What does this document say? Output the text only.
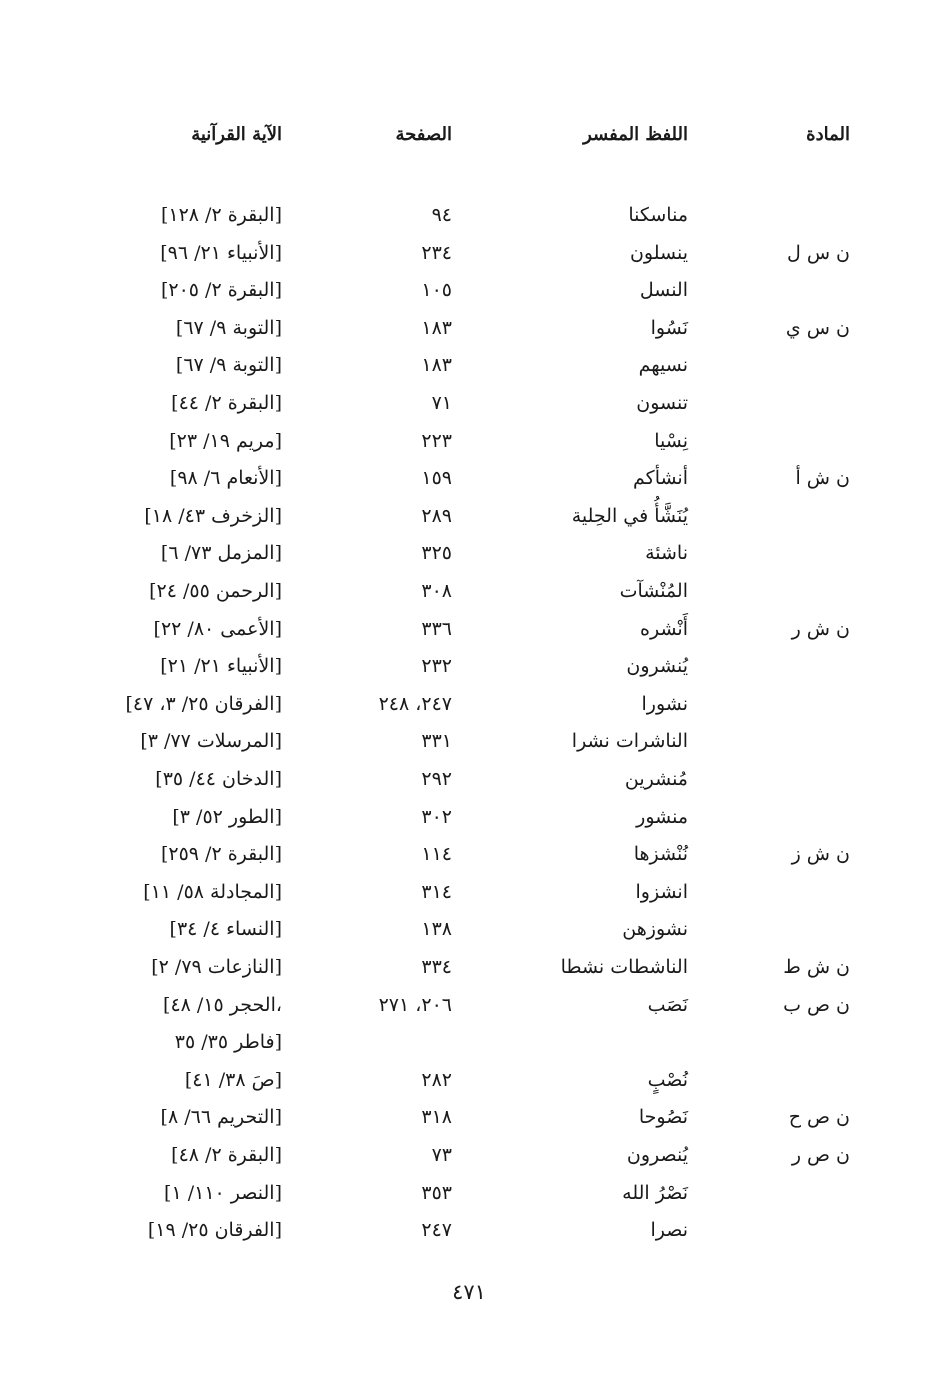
المادة
اللفظ المفسر
الصفحة
الآية القرآنية
مناسكنا
٩٤
[البقرة ٢/ ١٢٨]
ن س ل
ينسلون
٢٣٤
[الأنبياء ٢١/ ٩٦]
النسل
١٠٥
[البقرة ٢/ ٢٠٥]
ن س ي
نَسُوا
١٨٣
[التوبة ٩/ ٦٧]
نسيهم
١٨٣
[التوبة ٩/ ٦٧]
تنسون
٧١
[البقرة ٢/ ٤٤]
نِسْيا
٢٢٣
[مريم ١٩/ ٢٣]
ن ش أ
أنشأكم
١٥٩
[الأنعام ٦/ ٩٨]
يُنَشَّأُ في الحِلية
٢٨٩
[الزخرف ٤٣/ ١٨]
ناشئة
٣٢٥
[المزمل ٧٣/ ٦]
المُنْشآت
٣٠٨
[الرحمن ٥٥/ ٢٤]
ن ش ر
أَنْشره
٣٣٦
[الأعمى ٨٠/ ٢٢]
يُنشرون
٢٣٢
[الأنبياء ٢١/ ٢١]
نشورا
٢٤٧، ٢٤٨
[الفرقان ٢٥/ ٣، ٤٧]
الناشرات نشرا
٣٣١
[المرسلات ٧٧/ ٣]
مُنشرين
٢٩٢
[الدخان ٤٤/ ٣٥]
منشور
٣٠٢
[الطور ٥٢/ ٣]
ن ش ز
نُنْشزها
١١٤
[البقرة ٢/ ٢٥٩]
انشزوا
٣١٤
[المجادلة ٥٨/ ١١]
نشوزهن
١٣٨
[النساء ٤/ ٣٤]
ن ش ط
الناشطات نشطا
٣٣٤
[النازعات ٧٩/ ٢]
ن ص ب
نَصَب
٢٠٦، ٢٧١
[الحجر ١٥/ ٤٨،
فاطر ٣٥/ ٣٥]
نُصْبٍ
٢٨٢
[صَ ٣٨/ ٤١]
ن ص ح
نَصُوحا
٣١٨
[التحريم ٦٦/ ٨]
ن ص ر
يُنصرون
٧٣
[البقرة ٢/ ٤٨]
نَصْرُ الله
٣٥٣
[النصر ١١٠/ ١]
نصرا
٢٤٧
[الفرقان ٢٥/ ١٩]
٤٧١
